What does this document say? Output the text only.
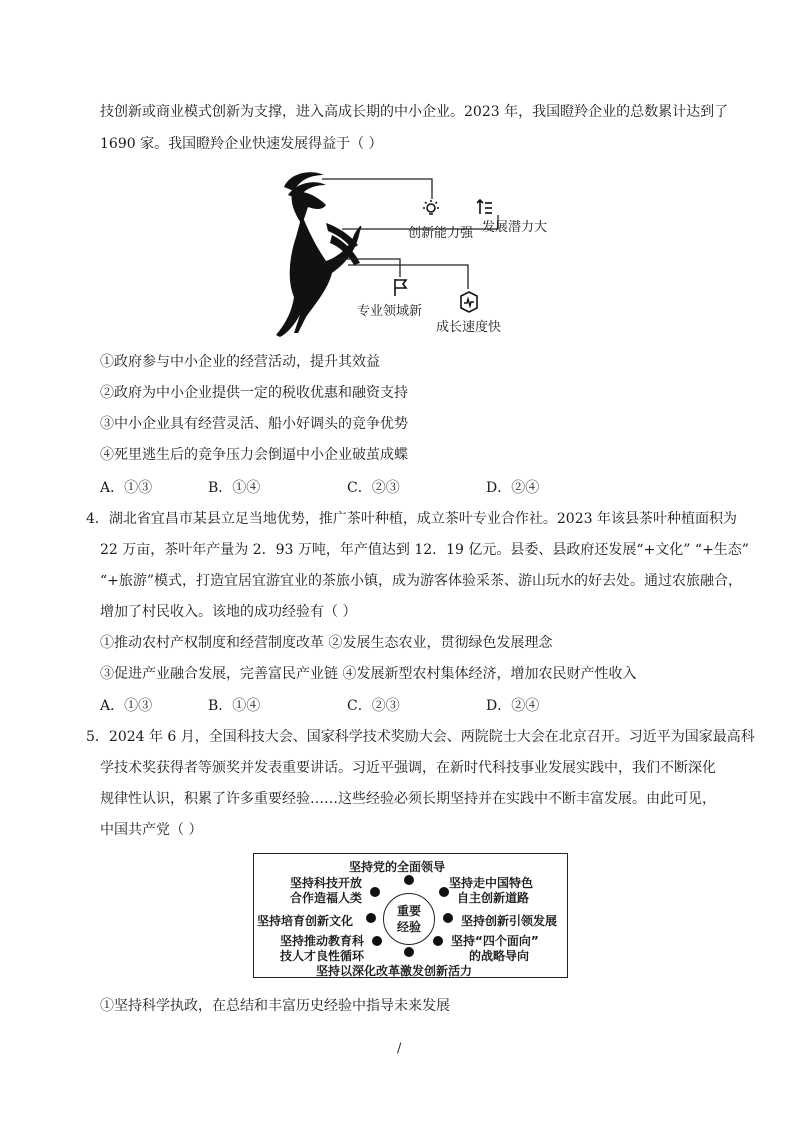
技创新或商业模式创新为支撑，进入高成长期的中小企业。2023 年，我国瞪羚企业的总数累计达到了
1690 家。我国瞪羚企业快速发展得益于（ ）
创新能力强 发展潜力大
专业领域新
成长速度快
①政府参与中小企业的经营活动，提升其效益
②政府为中小企业提供一定的税收优惠和融资支持
③中小企业具有经营灵活、船小好调头的竞争优势
④死里逃生后的竞争压力会倒逼中小企业破茧成蝶
A．①③	B．①④	C．②③	D．②④
4．湖北省宜昌市某县立足当地优势，推广茶叶种植，成立茶叶专业合作社。2023 年该县茶叶种植面积为
22 万亩，茶叶年产量为 2．93 万吨，年产值达到 12．19 亿元。县委、县政府还发展“+文化” “+生态”
“+旅游”模式，打造宜居宜游宜业的茶旅小镇，成为游客体验采茶、游山玩水的好去处。通过农旅融合，
增加了村民收入。该地的成功经验有（ ）
①推动农村产权制度和经营制度改革 ②发展生态农业，贯彻绿色发展理念
③促进产业融合发展，完善富民产业链 ④发展新型农村集体经济，增加农民财产性收入
A．①③	B．①④	C．②③	D．②④
5．2024 年 6 月，全国科技大会、国家科学技术奖励大会、两院院士大会在北京召开。习近平为国家最高科
学技术奖获得者等颁奖并发表重要讲话。习近平强调，在新时代科技事业发展实践中，我们不断深化
规律性认识，积累了许多重要经验……这些经验必须长期坚持并在实践中不断丰富发展。由此可见，
中国共产党（ ）
坚持党的全面领导
坚持科技开放
合作造福人类
坚持走中国特色
自主创新道路
坚持培育创新文化	坚持创新引领发展
坚持推动教育科
技人才良性循环
坚持“四个面向”
的战略导向
坚持以深化改革激发创新活力
重要
经验
①坚持科学执政，在总结和丰富历史经验中指导未来发展
/
